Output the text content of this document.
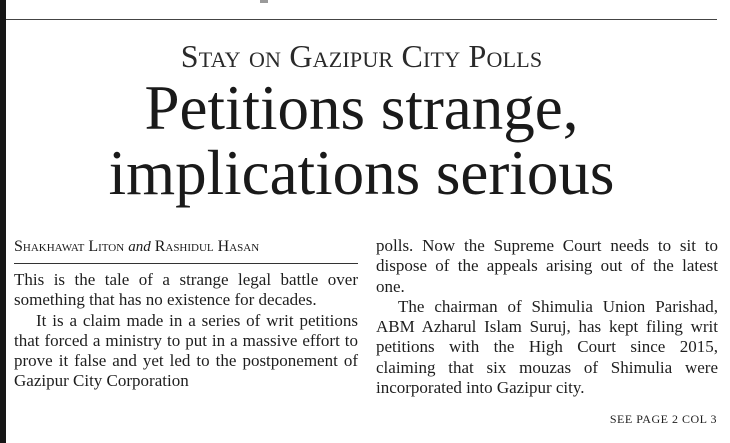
Stay on Gazipur City Polls
Petitions strange,
implications serious
Shakhawat Liton and Rashidul Hasan

This is the tale of a strange legal battle over something that has no existence for decades.

It is a claim made in a series of writ petitions that forced a ministry to put in a massive effort to prove it false and yet led to the postponement of Gazipur City Corporation

polls. Now the Supreme Court needs to sit to dispose of the appeals arising out of the latest one.

The chairman of Shimulia Union Parishad, ABM Azharul Islam Suruj, has kept filing writ petitions with the High Court since 2015, claiming that six mouzas of Shimulia were incorporated into Gazipur city.

SEE PAGE 2 COL 3
